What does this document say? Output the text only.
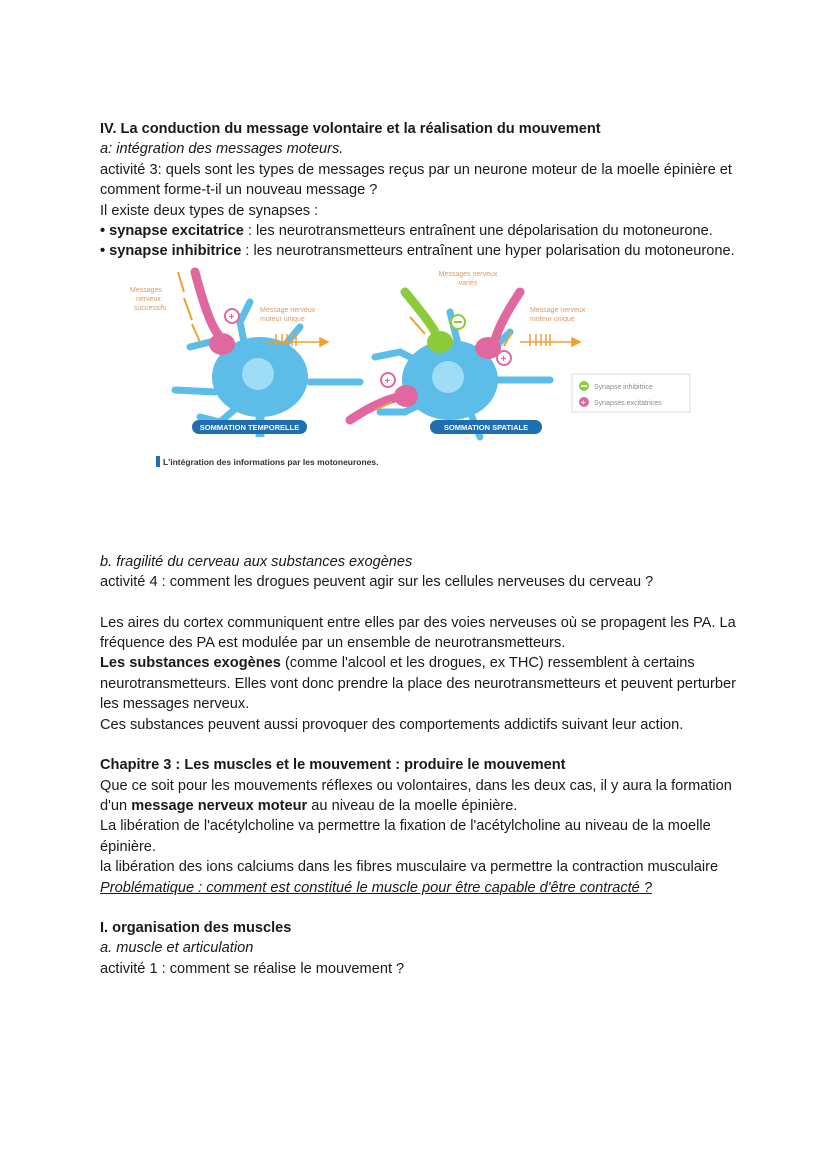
IV. La conduction du message volontaire et la réalisation du mouvement

a: intégration des messages moteurs.

activité 3: quels sont les types de messages reçus par un neurone moteur de la moelle épinière et comment forme-t-il un nouveau message ?

Il existe deux types de synapses :

• synapse excitatrice : les neurotransmetteurs entraînent une dépolarisation du motoneurone.

• synapse inhibitrice : les neurotransmetteurs entraînent une hyper polarisation du motoneurone.

+
Messages nerveux successifs	Message nerveux moteur unique
SOMMATION TEMPORELLE
+
+
Messages nerveux variés
Message nerveux moteur unique
SOMMATION SPATIALE
Synapse inhibitrice
+ Synapses excitatrices
L'intégration des informations par les motoneurones.

b. fragilité du cerveau aux substances exogènes

activité 4 : comment les drogues peuvent agir sur les cellules nerveuses du cerveau ?

Les aires du cortex communiquent entre elles par des voies nerveuses où se propagent les PA. La fréquence des PA est modulée par un ensemble de neurotransmetteurs.

Les substances exogènes (comme l'alcool et les drogues, ex THC) ressemblent à certains neurotransmetteurs. Elles vont donc prendre la place des neurotransmetteurs et peuvent perturber les messages nerveux.

Ces substances peuvent aussi provoquer des comportements addictifs suivant leur action.

Chapitre 3 : Les muscles et le mouvement : produire le mouvement

Que ce soit pour les mouvements réflexes ou volontaires, dans les deux cas, il y aura la formation d'un message nerveux moteur au niveau de la moelle épinière.

La libération de l'acétylcholine va permettre la fixation de l'acétylcholine au niveau de la moelle épinière.

la libération des ions calciums dans les fibres musculaire va permettre la contraction musculaire

Problématique : comment est constitué le muscle pour être capable d'être contracté ?

I. organisation des muscles

a. muscle et articulation

activité 1 : comment se réalise le mouvement ?
